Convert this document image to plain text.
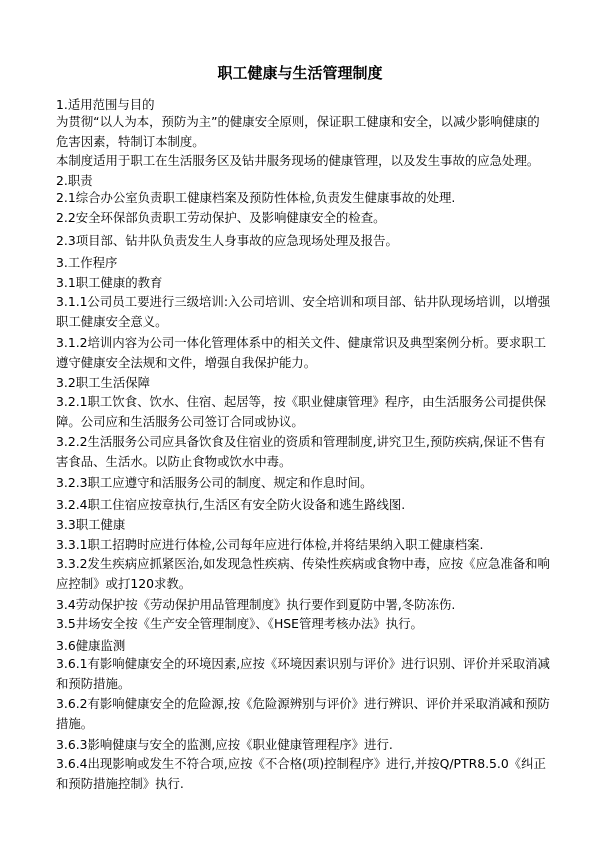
职工健康与生活管理制度

1.适用范围与目的

为贯彻“以人为本，预防为主”的健康安全原则，保证职工健康和安全，以减少影响健康的危害因素，特制订本制度。

本制度适用于职工在生活服务区及钻井服务现场的健康管理，以及发生事故的应急处理。

2.职责

2.1综合办公室负责职工健康档案及预防性体检,负责发生健康事故的处理.

2.2安全环保部负责职工劳动保护、及影响健康安全的检查。

2.3项目部、钻井队负责发生人身事故的应急现场处理及报告。

3.工作程序

3.1职工健康的教育

3.1.1公司员工要进行三级培训:入公司培训、安全培训和项目部、钻井队现场培训，以增强职工健康安全意义。

3.1.2培训内容为公司一体化管理体系中的相关文件、健康常识及典型案例分析。要求职工遵守健康安全法规和文件，增强自我保护能力。

3.2职工生活保障

3.2.1职工饮食、饮水、住宿、起居等，按《职业健康管理》程序，由生活服务公司提供保障。公司应和生活服务公司签订合同或协议。

3.2.2生活服务公司应具备饮食及住宿业的资质和管理制度,讲究卫生,预防疾病,保证不售有害食品、生活水。以防止食物或饮水中毒。

3.2.3职工应遵守和活服务公司的制度、规定和作息时间。

3.2.4职工住宿应按章执行,生活区有安全防火设备和逃生路线图.

3.3职工健康

3.3.1职工招聘时应进行体检,公司每年应进行体检,并将结果纳入职工健康档案.

3.3.2发生疾病应抓紧医治,如发现急性疾病、传染性疾病或食物中毒，应按《应急准备和响应控制》或打120求教。

3.4劳动保护按《劳动保护用品管理制度》执行要作到夏防中署,冬防冻伤.

3.5井场安全按《生产安全管理制度》、《HSE管理考核办法》执行。

3.6健康监测

3.6.1有影响健康安全的环境因素,应按《环境因素识别与评价》进行识别、评价并采取消减和预防措施。

3.6.2有影响健康安全的危险源,按《危险源辨别与评价》进行辨识、评价并采取消减和预防措施。

3.6.3影响健康与安全的监测,应按《职业健康管理程序》进行.

3.6.4出现影响或发生不符合项,应按《不合格(项)控制程序》进行,并按Q/PTR8.5.0《纠正和预防措施控制》执行.
